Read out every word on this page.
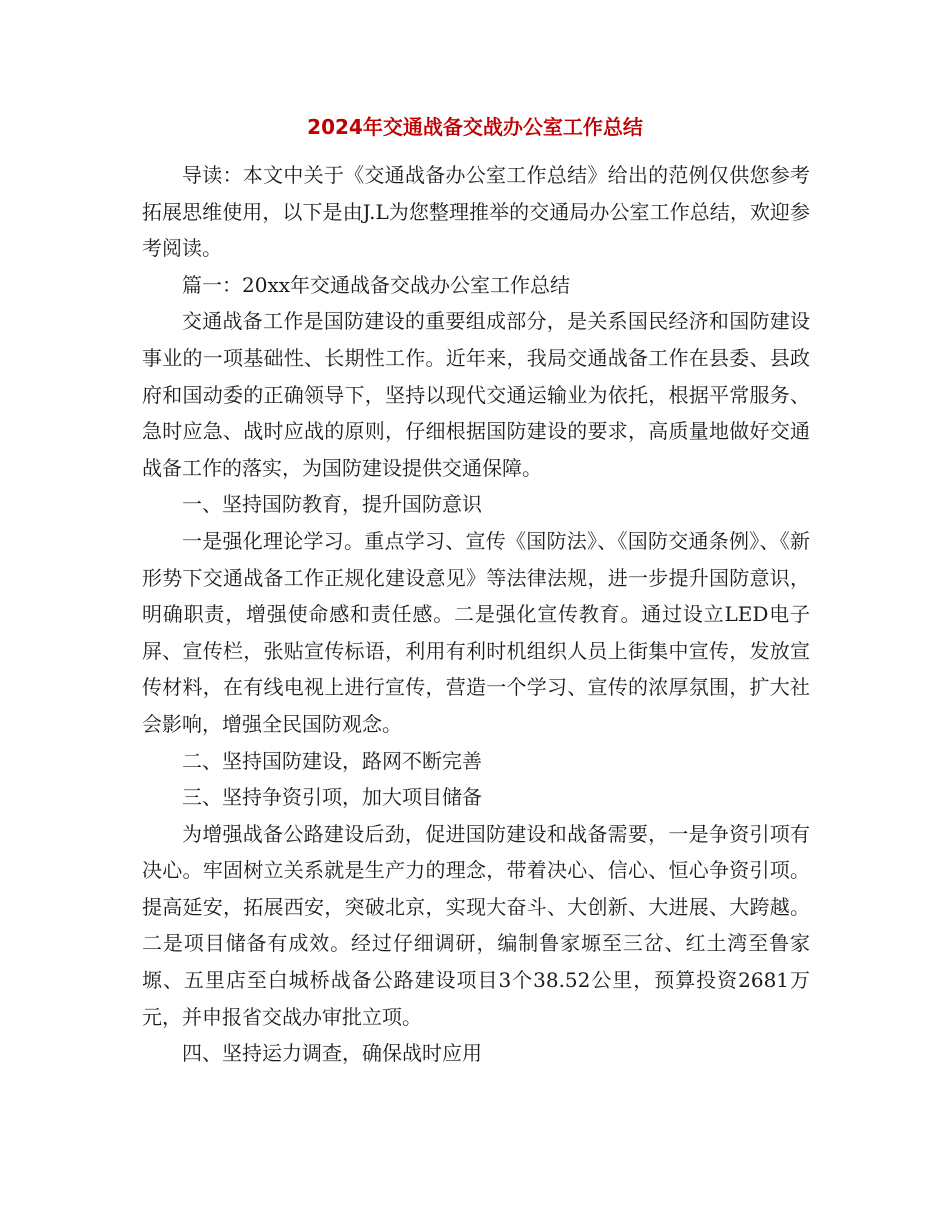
2024年交通战备交战办公室工作总结

导读：本文中关于《交通战备办公室工作总结》给出的范例仅供您参考拓展思维使用，以下是由J.L为您整理推举的交通局办公室工作总结，欢迎参考阅读。

篇一：20xx年交通战备交战办公室工作总结

交通战备工作是国防建设的重要组成部分，是关系国民经济和国防建设事业的一项基础性、长期性工作。近年来，我局交通战备工作在县委、县政府和国动委的正确领导下，坚持以现代交通运输业为依托，根据平常服务、急时应急、战时应战的原则，仔细根据国防建设的要求，高质量地做好交通战备工作的落实，为国防建设提供交通保障。

一、坚持国防教育，提升国防意识

一是强化理论学习。重点学习、宣传《国防法》、《国防交通条例》、《新形势下交通战备工作正规化建设意见》等法律法规，进一步提升国防意识，明确职责，增强使命感和责任感。二是强化宣传教育。通过设立LED电子屏、宣传栏，张贴宣传标语，利用有利时机组织人员上街集中宣传，发放宣传材料，在有线电视上进行宣传，营造一个学习、宣传的浓厚氛围，扩大社会影响，增强全民国防观念。

二、坚持国防建设，路网不断完善

三、坚持争资引项，加大项目储备

为增强战备公路建设后劲，促进国防建设和战备需要，一是争资引项有决心。牢固树立关系就是生产力的理念，带着决心、信心、恒心争资引项。提高延安，拓展西安，突破北京，实现大奋斗、大创新、大进展、大跨越。二是项目储备有成效。经过仔细调研，编制鲁家塬至三岔、红土湾至鲁家塬、五里店至白城桥战备公路建设项目3个38.52公里，预算投资2681万元，并申报省交战办审批立项。

四、坚持运力调查，确保战时应用
